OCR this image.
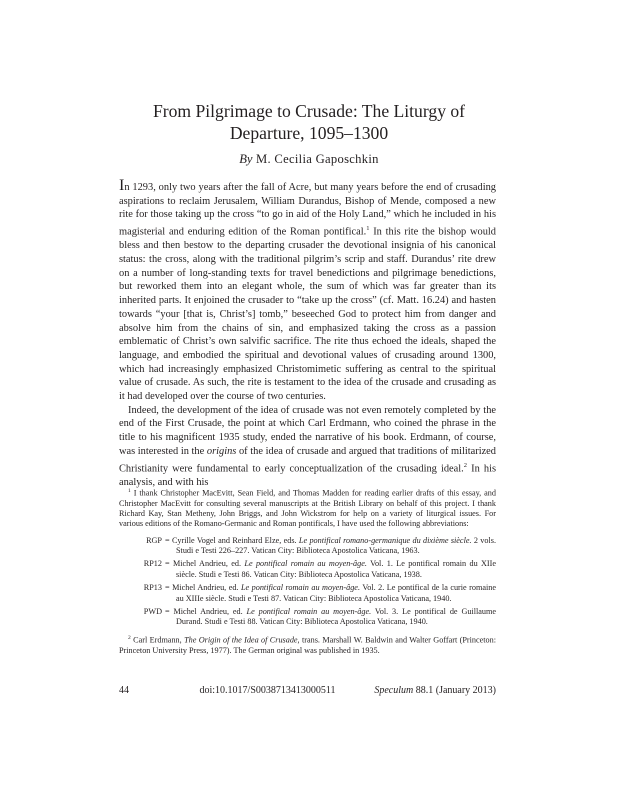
From Pilgrimage to Crusade: The Liturgy of
Departure, 1095–1300

By M. Cecilia Gaposchkin

In 1293, only two years after the fall of Acre, but many years before the end of crusading aspirations to reclaim Jerusalem, William Durandus, Bishop of Mende, composed a new rite for those taking up the cross “to go in aid of the Holy Land,” which he included in his magisterial and enduring edition of the Roman pontifical.$^1$ In this rite the bishop would bless and then bestow to the departing crusader the devotional insignia of his canonical status: the cross, along with the traditional pilgrim’s scrip and staff. Durandus’ rite drew on a number of long-standing texts for travel benedictions and pilgrimage benedictions, but reworked them into an elegant whole, the sum of which was far greater than its inherited parts. It enjoined the crusader to “take up the cross” (cf. Matt. 16.24) and hasten towards “your [that is, Christ’s] tomb,” beseeched God to protect him from danger and absolve him from the chains of sin, and emphasized taking the cross as a passion emblematic of Christ’s own salvific sacrifice. The rite thus echoed the ideals, shaped the language, and embodied the spiritual and devotional values of crusading around 1300, which had increasingly emphasized Christomimetic suffering as central to the spiritual value of crusade. As such, the rite is testament to the idea of the crusade and crusading as it had developed over the course of two centuries.

Indeed, the development of the idea of crusade was not even remotely completed by the end of the First Crusade, the point at which Carl Erdmann, who coined the phrase in the title to his magnificent 1935 study, ended the narrative of his book. Erdmann, of course, was interested in the origins of the idea of crusade and argued that traditions of militarized Christianity were fundamental to early conceptualization of the crusading ideal.$^2$ In his analysis, and with his

$^1$ I thank Christopher MacEvitt, Sean Field, and Thomas Madden for reading earlier drafts of this essay, and Christopher MacEvitt for consulting several manuscripts at the British Library on behalf of this project. I thank Richard Kay, Stan Metheny, John Briggs, and John Wickstrom for help on a variety of liturgical issues. For various editions of the Romano-Germanic and Roman pontificals, I have used the following abbreviations:

RGP = Cyrille Vogel and Reinhard Elze, eds. Le pontifical romano-germanique du dixième siècle. 2 vols. Studi e Testi 226–227. Vatican City: Biblioteca Apostolica Vaticana, 1963.
RP12 = Michel Andrieu, ed. Le pontifical romain au moyen-âge. Vol. 1. Le pontifical romain du XIIe siècle. Studi e Testi 86. Vatican City: Biblioteca Apostolica Vaticana, 1938.
RP13 = Michel Andrieu, ed. Le pontifical romain au moyen-âge. Vol. 2. Le pontifical de la curie romaine au XIIIe siècle. Studi e Testi 87. Vatican City: Biblioteca Apostolica Vaticana, 1940.
PWD = Michel Andrieu, ed. Le pontifical romain au moyen-âge. Vol. 3. Le pontifical de Guillaume Durand. Studi e Testi 88. Vatican City: Biblioteca Apostolica Vaticana, 1940.

$^2$ Carl Erdmann, The Origin of the Idea of Crusade, trans. Marshall W. Baldwin and Walter Goffart (Princeton: Princeton University Press, 1977). The German original was published in 1935.

44	doi:10.1017/S0038713413000511	Speculum 88.1 (January 2013)
